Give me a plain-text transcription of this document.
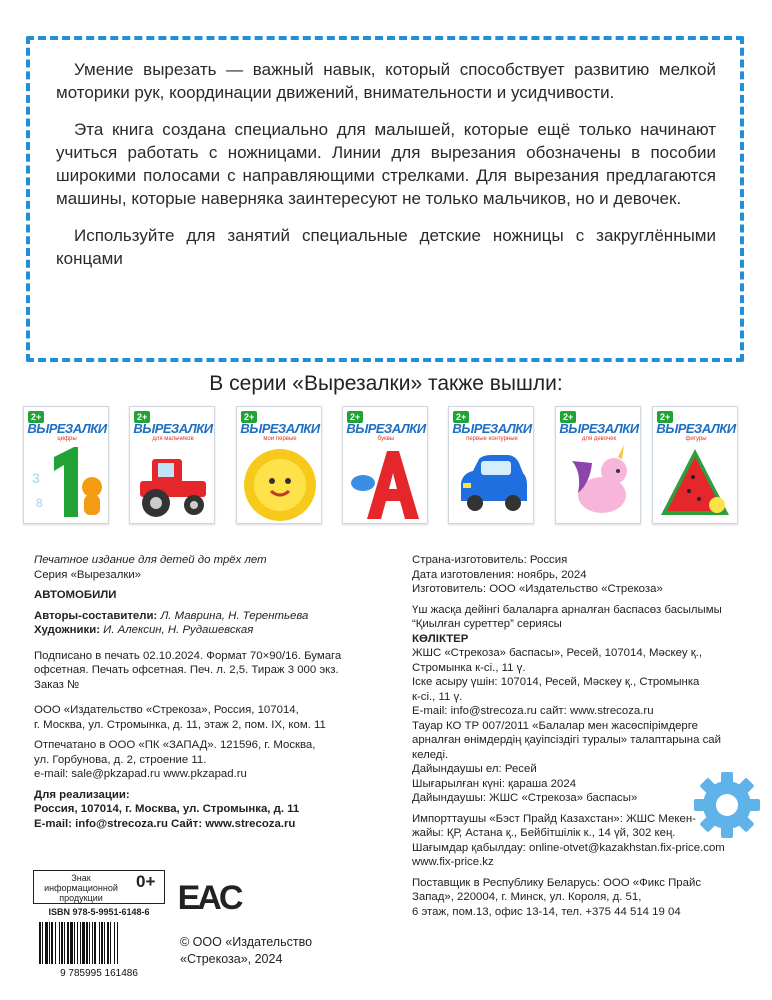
Умение вырезать — важный навык, который способствует развитию мелкой моторики рук, координации движений, внимательности и усидчивости.

Эта книга создана специально для малышей, которые ещё только начинают учиться работать с ножницами. Линии для вырезания обозначены в пособии широкими полосами с направляющими стрелками. Для вырезания предлагаются машины, которые наверняка заинтересуют не только мальчиков, но и девочек.

Используйте для занятий специальные детские ножницы с закруглёнными концами

В серии «Вырезалки» также вышли:
2+
ВЫРЕЗАЛКИ
цифры
3
8
2+
ВЫРЕЗАЛКИ
для мальчиков
2+
ВЫРЕЗАЛКИ
мои первые
2+
ВЫРЕЗАЛКИ
буквы
2+
ВЫРЕЗАЛКИ
первые контурные
2+
ВЫРЕЗАЛКИ
для девочек
2+
ВЫРЕЗАЛКИ
фигуры
Печатное издание для детей до трёх лет
Серия «Вырезалки»
АВТОМОБИЛИ
Авторы-составители: Л. Маврина, Н. Терентьева
Художники: И. Алексин, Н. Рудашевская
Подписано в печать 02.10.2024. Формат 70×90/16. Бумага
офсетная. Печать офсетная. Печ. л. 2,5. Тираж 3 000 экз.
Заказ №
ООО «Издательство «Стрекоза», Россия, 107014,
г. Москва, ул. Стромынка, д. 11, этаж 2, пом. IX, ком. 11
Отпечатано в ООО «ПК «ЗАПАД». 121596, г. Москва,
ул. Горбунова, д. 2, строение 11.
e-mail: sale@pkzapad.ru www.pkzapad.ru
Для реализации:
Россия, 107014, г. Москва, ул. Стромынка, д. 11
E-mail: info@strecoza.ru Сайт: www.strecoza.ru
Страна-изготовитель: Россия
Дата изготовления: ноябрь, 2024
Изготовитель: ООО «Издательство «Стрекоза»
Үш жасқа дейінгі балаларға арналған баспасөз басылымы
“Қиылған суреттер” сериясы
КӨЛІКТЕР
ЖШС «Стрекоза» баспасы», Ресей, 107014, Мәскеу қ.,
Стромынка к-сі., 11 ү.
Іске асыру үшін: 107014, Ресей, Мәскеу қ., Стромынка
к-сі., 11 ү.
E-mail: info@strecoza.ru сайт: www.strecoza.ru
Тауар КО ТР 007/2011 «Балалар мен жасөспірімдерге
арналған өнімдердің қауіпсіздігі туралы» талаптарына сай
келеді.
Дайындаушы ел: Ресей
Шығарылған күні: қараша 2024
Дайындаушы: ЖШС «Стрекоза» баспасы»
Импорттаушы «Бэст Прайд Казахстан»: ЖШС Мекен-
жайы: ҚР, Астана қ., Бейбітшілік к., 14 үй, 302 кең.
Шағымдар қабылдау: online-otvet@kazakhstan.fix-price.com
www.fix-price.kz
Поставщик в Республику Беларусь: ООО «Фикс Прайс
Запад», 220004, г. Минск, ул. Короля, д. 51,
6 этаж, пом.13, офис 13-14, тел. +375 44 514 19 04
Знак информационной продукции
0+
ISBN 978-5-9951-6148-6
9 785995 161486
EAC
© ООО «Издательство
«Стрекоза», 2024
